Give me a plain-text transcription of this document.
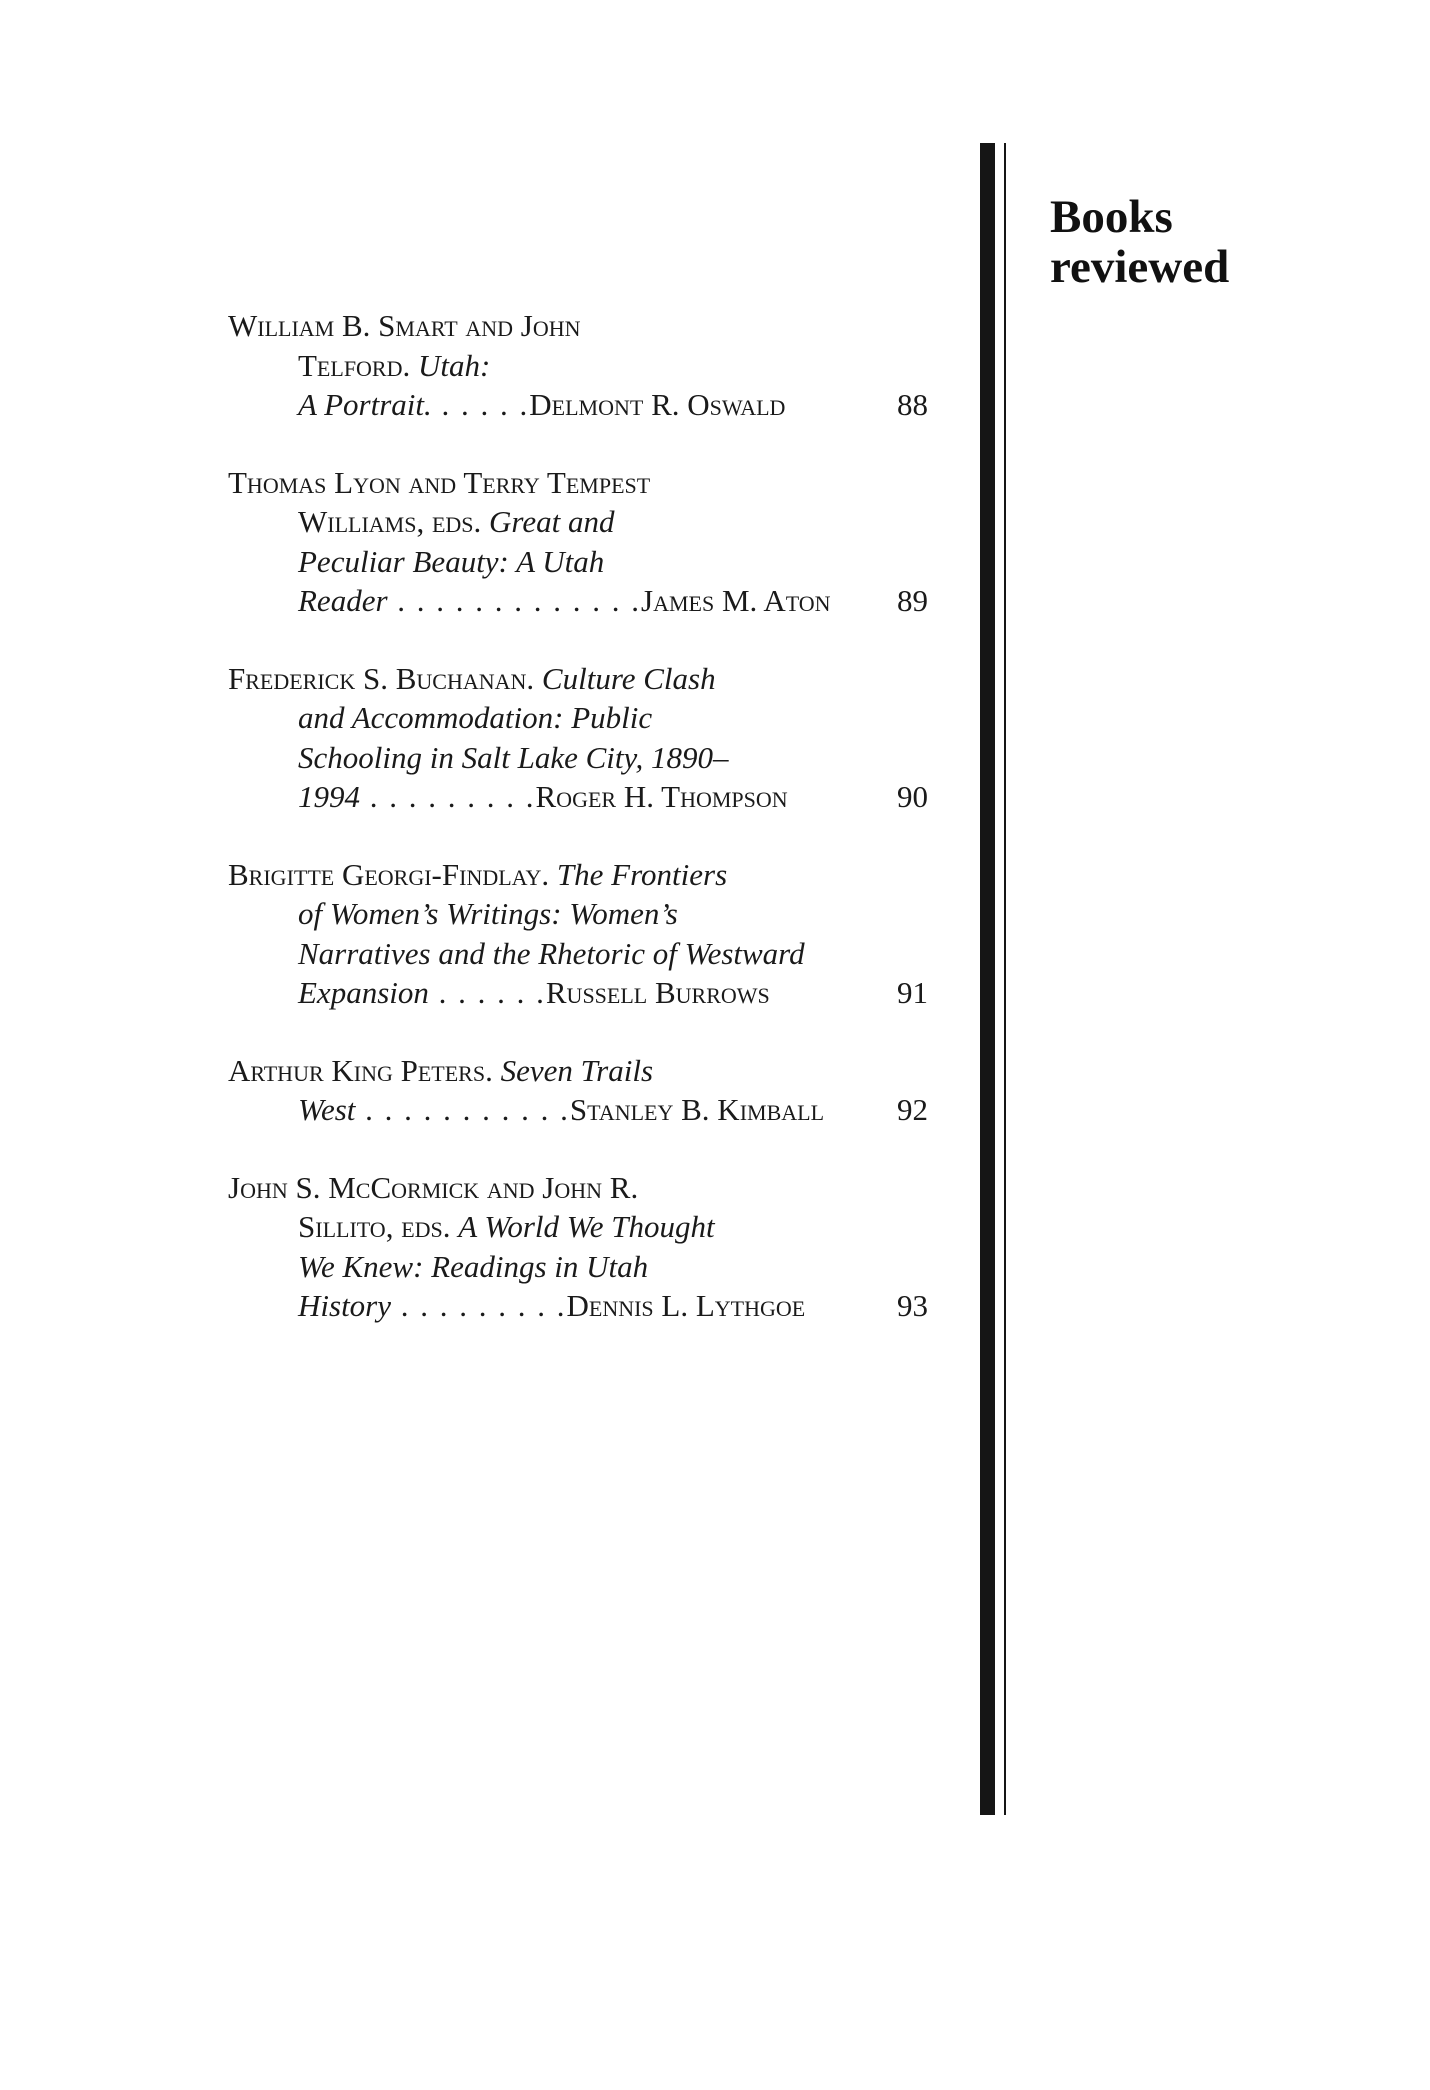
Books
reviewed
William B. Smart and John
Telford. Utah:
A Portrait. . . . . .Delmont R. Oswald	88
Thomas Lyon and Terry Tempest
Williams, eds. Great and
Peculiar Beauty: A Utah
Reader . . . . . . . . . . . . .James M. Aton	89
Frederick S. Buchanan. Culture Clash
and Accommodation: Public
Schooling in Salt Lake City, 1890–
1994 . . . . . . . . .Roger H. Thompson	90
Brigitte Georgi-Findlay. The Frontiers
of Women’s Writings: Women’s
Narratives and the Rhetoric of Westward
Expansion . . . . . .Russell Burrows	91
Arthur King Peters. Seven Trails
West . . . . . . . . . . .Stanley B. Kimball	92
John S. McCormick and John R.
Sillito, eds. A World We Thought
We Knew: Readings in Utah
History . . . . . . . . .Dennis L. Lythgoe	93
